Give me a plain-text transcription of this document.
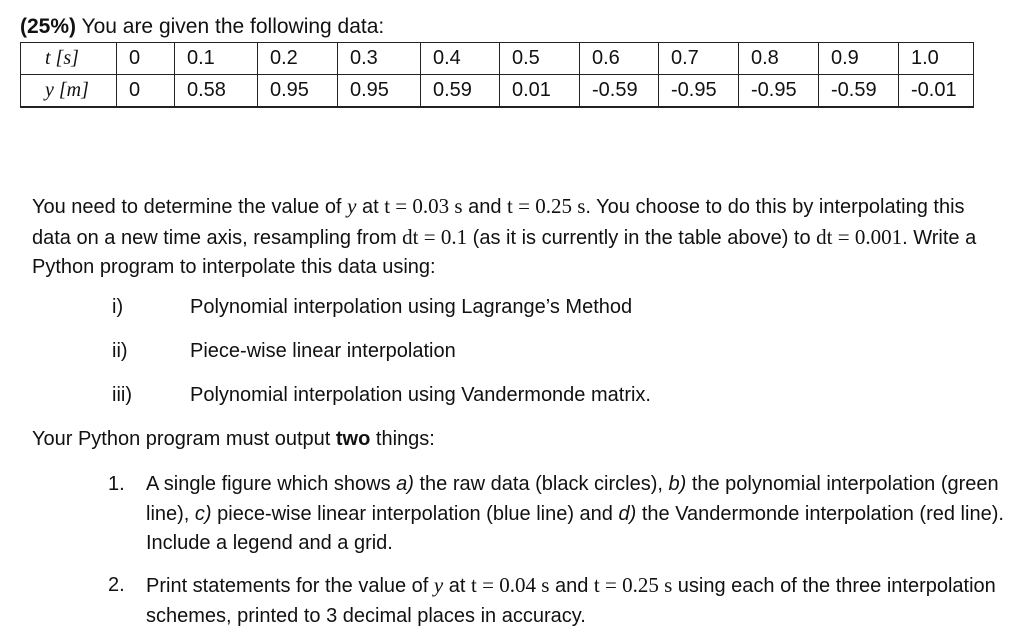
(25%) You are given the following data:
t [s]	0	0.1	0.2	0.3	0.4	0.5	0.6	0.7	0.8	0.9	1.0
y [m]	0	0.58	0.95	0.95	0.59	0.01	-0.59	-0.95	-0.95	-0.59	-0.01
You need to determine the value of y at t = 0.03 s and t = 0.25 s. You choose to do this by interpolating this data on a new time axis, resampling from dt = 0.1 (as it is currently in the table above) to dt = 0.001. Write a Python program to interpolate this data using:
i)	Polynomial interpolation using Lagrange’s Method
ii)	Piece-wise linear interpolation
iii)	Polynomial interpolation using Vandermonde matrix.
Your Python program must output two things:
1. A single figure which shows a) the raw data (black circles), b) the polynomial interpolation (green line), c) piece-wise linear interpolation (blue line) and d) the Vandermonde interpolation (red line). Include a legend and a grid.
2. Print statements for the value of y at t = 0.04 s and t = 0.25 s using each of the three interpolation schemes, printed to 3 decimal places in accuracy.
